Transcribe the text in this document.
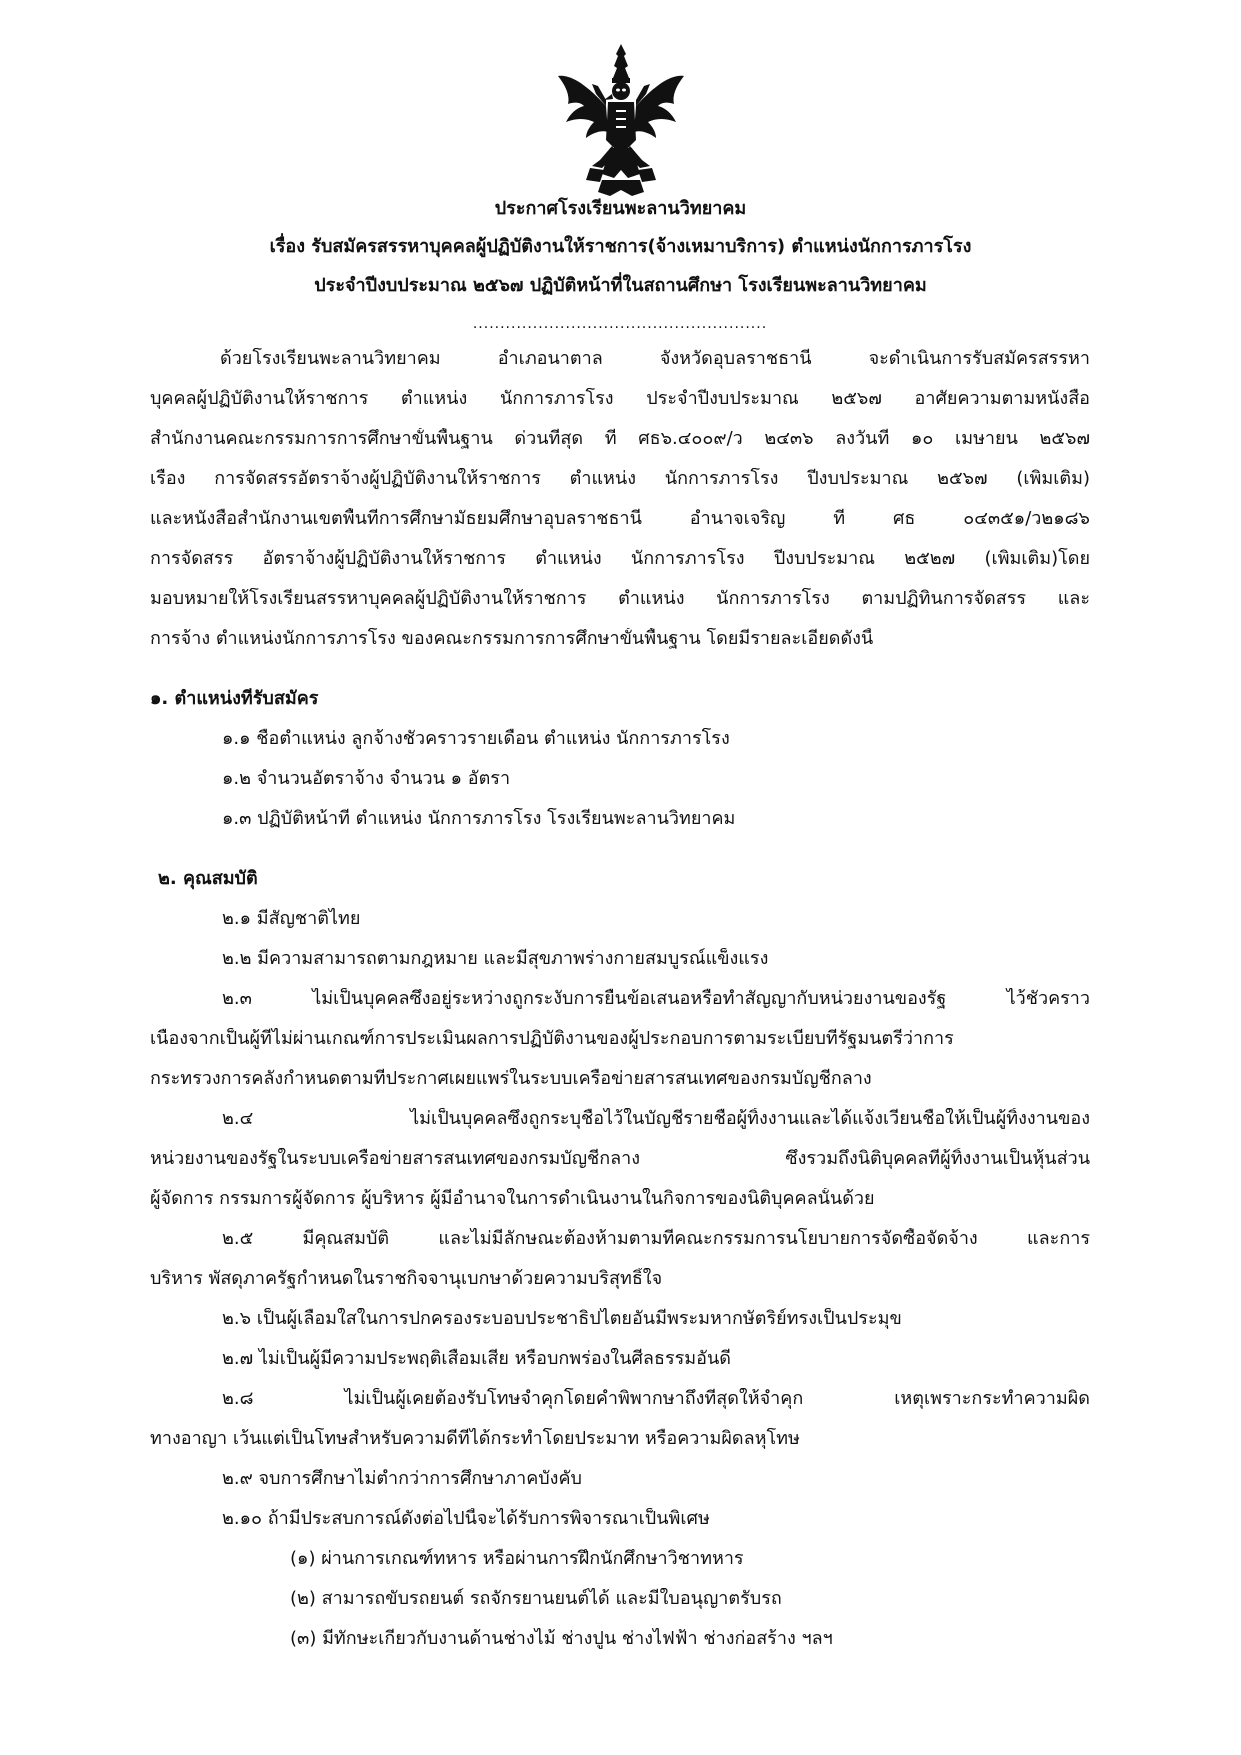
ประกาศโรงเรียนพะลานวิทยาคม
เรื่อง รับสมัครสรรหาบุคคลผู้ปฏิบัติงานให้ราชการ(จ้างเหมาบริการ) ตำแหน่งนักการภารโรง
ประจำปีงบประมาณ ๒๕๖๗ ปฏิบัติหน้าที่ในสถานศึกษา โรงเรียนพะลานวิทยาคม
......................................................
ด้วยโรงเรียนพะลานวิทยาคม อำเภอนาตาล จังหวัดอุบลราชธานี จะดำเนินการรับสมัครสรรหา
บุคคลผู้ปฏิบัติงานให้ราชการ ตำแหน่ง นักการภารโรง ประจำปีงบประมาณ ๒๕๖๗ อาศัยความตามหนังสือ
สำนักงานคณะกรรมการการศึกษาขั้นพื้นฐาน ด่วนที่สุด ที่ ศธ๖.๔๐๐๙/ว ๒๔๓๖ ลงวันที่ ๑๐ เมษายน ๒๕๖๗
เรื่อง การจัดสรรอัตราจ้างผู้ปฏิบัติงานให้ราชการ ตำแหน่ง นักการภารโรง ปีงบประมาณ ๒๕๖๗ (เพิ่มเติม)
และหนังสือสำนักงานเขตพื้นที่การศึกษามัธยมศึกษาอุบลราชธานี อำนาจเจริญ ที่ ศธ ๐๔๓๕๑/ว๒๑๘๖
การจัดสรร อัตราจ้างผู้ปฏิบัติงานให้ราชการ ตำแหน่ง นักการภารโรง ปีงบประมาณ ๒๕๒๗ (เพิ่มเติม)โดย
มอบหมายให้โรงเรียนสรรหาบุคคลผู้ปฏิบัติงานให้ราชการ ตำแหน่ง นักการภารโรง ตามปฏิทินการจัดสรร และ
การจ้าง ตำแหน่งนักการภารโรง ของคณะกรรมการการศึกษาขั้นพื้นฐาน โดยมีรายละเอียดดังนี้
๑. ตำแหน่งที่รับสมัคร
๑.๑ ชื่อตำแหน่ง ลูกจ้างชั่วคราวรายเดือน ตำแหน่ง นักการภารโรง
๑.๒ จำนวนอัตราจ้าง จำนวน ๑ อัตรา
๑.๓ ปฏิบัติหน้าที่ ตำแหน่ง นักการภารโรง โรงเรียนพะลานวิทยาคม
๒. คุณสมบัติ
๒.๑ มีสัญชาติไทย
๒.๒ มีความสามารถตามกฎหมาย และมีสุขภาพร่างกายสมบูรณ์แข็งแรง
๒.๓ ไม่เป็นบุคคลซึ่งอยู่ระหว่างถูกระงับการยื่นข้อเสนอหรือทำสัญญากับหน่วยงานของรัฐ ไว้ชั่วคราว
เนื่องจากเป็นผู้ที่ไม่ผ่านเกณฑ์การประเมินผลการปฏิบัติงานของผู้ประกอบการตามระเบียบที่รัฐมนตรีว่าการ
กระทรวงการคลังกำหนดตามที่ประกาศเผยแพร่ในระบบเครือข่ายสารสนเทศของกรมบัญชีกลาง
๒.๔ ไม่เป็นบุคคลซึ่งถูกระบุชื่อไว้ในบัญชีรายชื่อผู้ทิ้งงานและได้แจ้งเวียนชื่อให้เป็นผู้ทิ้งงานของ
หน่วยงานของรัฐในระบบเครือข่ายสารสนเทศของกรมบัญชีกลาง ซึ่งรวมถึงนิติบุคคลที่ผู้ทิ้งงานเป็นหุ้นส่วน
ผู้จัดการ กรรมการผู้จัดการ ผู้บริหาร ผู้มีอำนาจในการดำเนินงานในกิจการของนิติบุคคลนั้นด้วย
๒.๕ มีคุณสมบัติ และไม่มีลักษณะต้องห้ามตามที่คณะกรรมการนโยบายการจัดซื้อจัดจ้าง และการ
บริหาร พัสดุภาครัฐกำหนดในราชกิจจานุเบกษาด้วยความบริสุทธิ์ใจ
๒.๖ เป็นผู้เลื่อมใสในการปกครองระบอบประชาธิปไตยอันมีพระมหากษัตริย์ทรงเป็นประมุข
๒.๗ ไม่เป็นผู้มีความประพฤติเสื่อมเสีย หรือบกพร่องในศีลธรรมอันดี
๒.๘ ไม่เป็นผู้เคยต้องรับโทษจำคุกโดยคำพิพากษาถึงที่สุดให้จำคุก เหตุเพราะกระทำความผิด
ทางอาญา เว้นแต่เป็นโทษสำหรับความดีที่ได้กระทำโดยประมาท หรือความผิดลหุโทษ
๒.๙ จบการศึกษาไม่ต่ำกว่าการศึกษาภาคบังคับ
๒.๑๐ ถ้ามีประสบการณ์ดังต่อไปนี้จะได้รับการพิจารณาเป็นพิเศษ
(๑) ผ่านการเกณฑ์ทหาร หรือผ่านการฝึกนักศึกษาวิชาทหาร
(๒) สามารถขับรถยนต์ รถจักรยานยนต์ได้ และมีใบอนุญาตรับรถ
(๓) มีทักษะเกี่ยวกับงานด้านช่างไม้ ช่างปูน ช่างไฟฟ้า ช่างก่อสร้าง ฯลฯ
